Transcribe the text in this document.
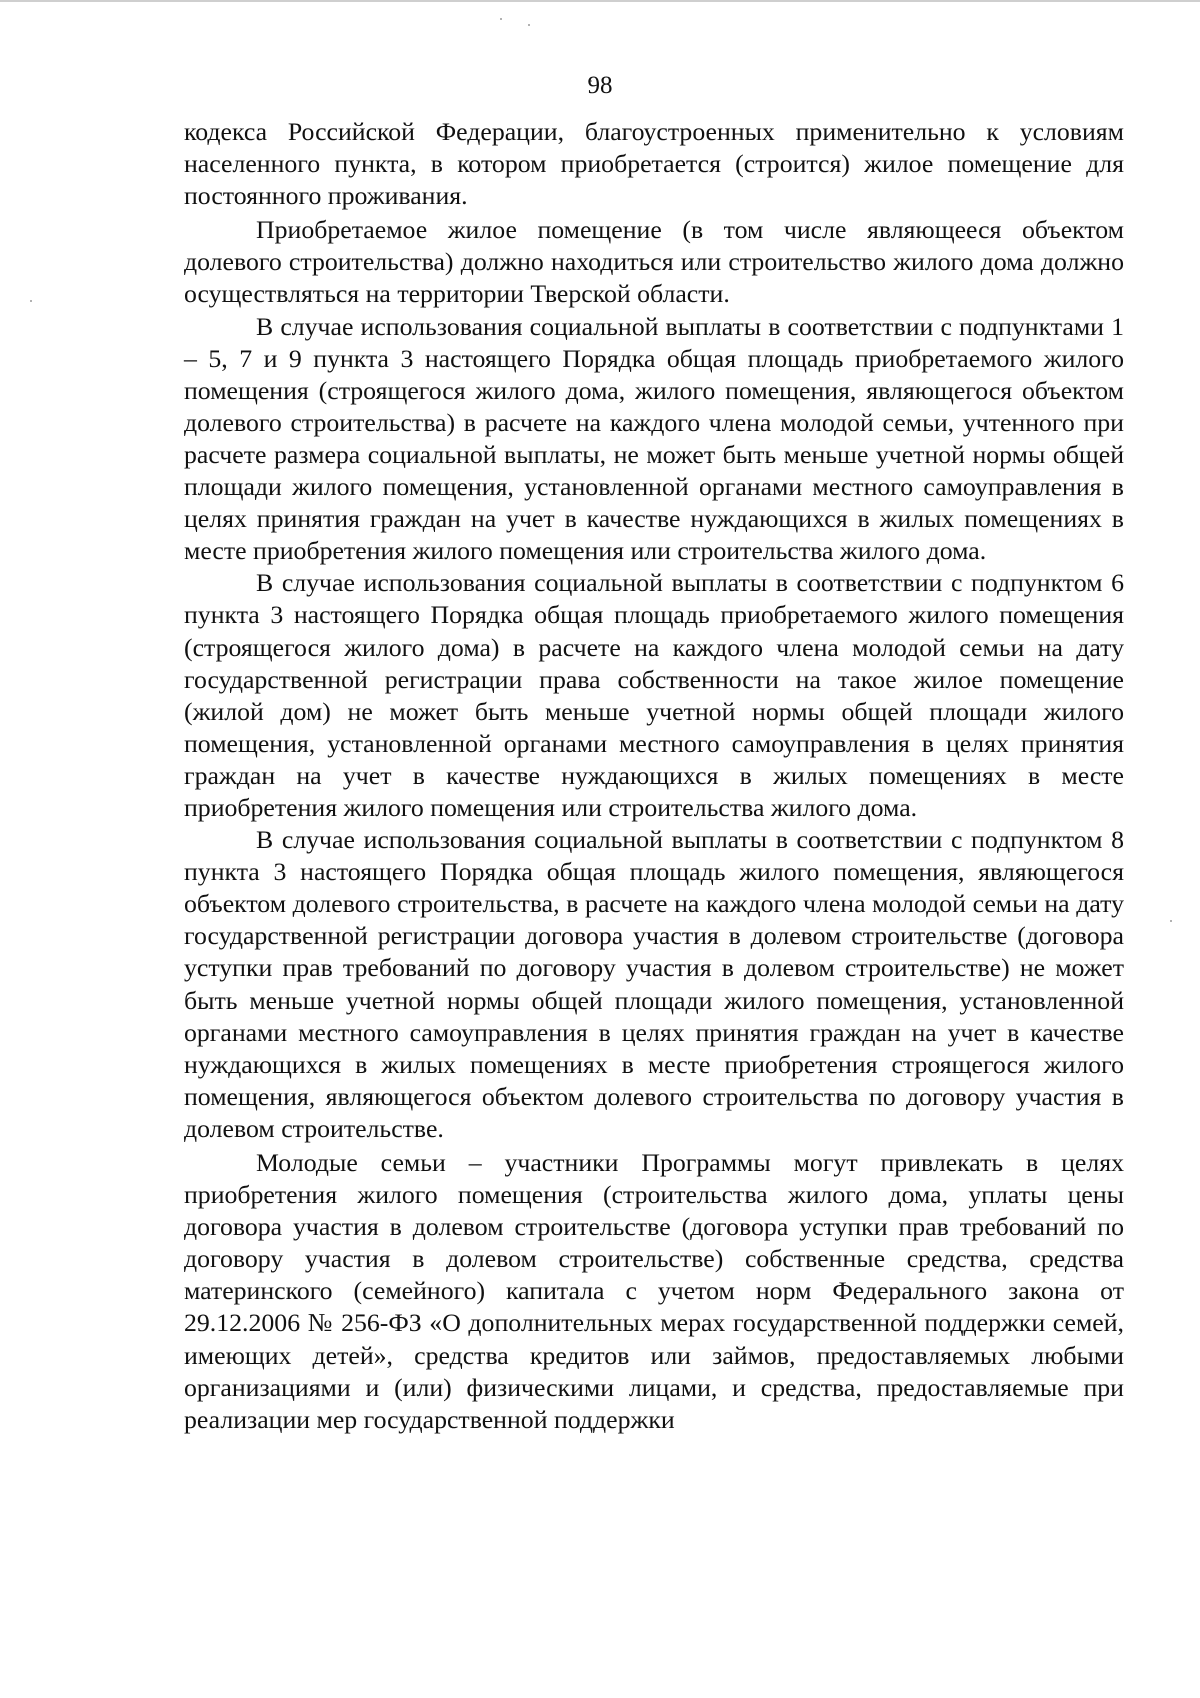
98

кодекса Российской Федерации, благоустроенных применительно к условиям населенного пункта, в котором приобретается (строится) жилое помещение для постоянного проживания.

Приобретаемое жилое помещение (в том числе являющееся объектом долевого строительства) должно находиться или строительство жилого дома должно осуществляться на территории Тверской области.

В случае использования социальной выплаты в соответствии с подпунктами 1 – 5, 7 и 9 пункта 3 настоящего Порядка общая площадь приобретаемого жилого помещения (строящегося жилого дома, жилого помещения, являющегося объектом долевого строительства) в расчете на каждого члена молодой семьи, учтенного при расчете размера социальной выплаты, не может быть меньше учетной нормы общей площади жилого помещения, установленной органами местного самоуправления в целях принятия граждан на учет в качестве нуждающихся в жилых помещениях в месте приобретения жилого помещения или строительства жилого дома.

В случае использования социальной выплаты в соответствии с подпунктом 6 пункта 3 настоящего Порядка общая площадь приобретаемого жилого помещения (строящегося жилого дома) в расчете на каждого члена молодой семьи на дату государственной регистрации права собственности на такое жилое помещение (жилой дом) не может быть меньше учетной нормы общей площади жилого помещения, установленной органами местного самоуправления в целях принятия граждан на учет в качестве нуждающихся в жилых помещениях в месте приобретения жилого помещения или строительства жилого дома.

В случае использования социальной выплаты в соответствии с подпунктом 8 пункта 3 настоящего Порядка общая площадь жилого помещения, являющегося объектом долевого строительства, в расчете на каждого члена молодой семьи на дату государственной регистрации договора участия в долевом строительстве (договора уступки прав требований по договору участия в долевом строительстве) не может быть меньше учетной нормы общей площади жилого помещения, установленной органами местного самоуправления в целях принятия граждан на учет в качестве нуждающихся в жилых помещениях в месте приобретения строящегося жилого помещения, являющегося объектом долевого строительства по договору участия в долевом строительстве.

Молодые семьи – участники Программы могут привлекать в целях приобретения жилого помещения (строительства жилого дома, уплаты цены договора участия в долевом строительстве (договора уступки прав требований по договору участия в долевом строительстве) собственные средства, средства материнского (семейного) капитала с учетом норм Федерального закона от 29.12.2006 № 256-ФЗ «О дополнительных мерах государственной поддержки семей, имеющих детей», средства кредитов или займов, предоставляемых любыми организациями и (или) физическими лицами, и средства, предоставляемые при реализации мер государственной поддержки
